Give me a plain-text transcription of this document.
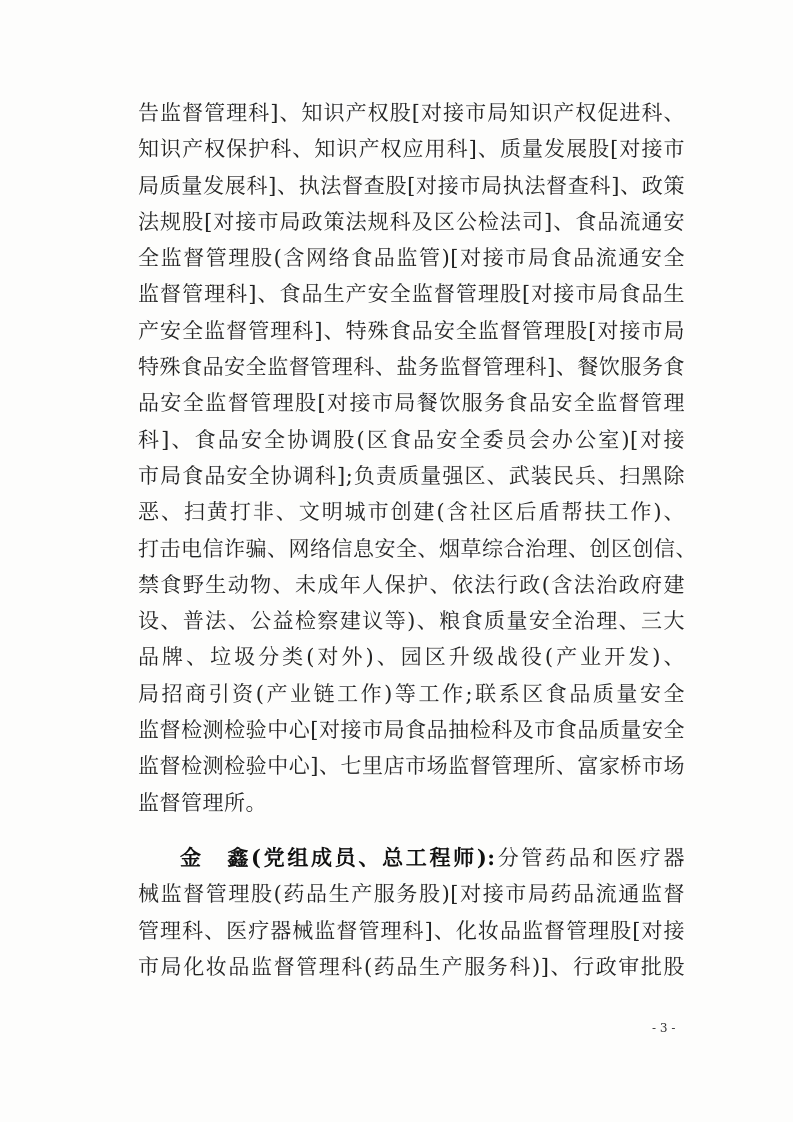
告监督管理科]、知识产权股[对接市局知识产权促进科、
知识产权保护科、知识产权应用科]、质量发展股[对接市
局质量发展科]、执法督查股[对接市局执法督查科]、政策
法规股[对接市局政策法规科及区公检法司]、食品流通安
全监督管理股(含网络食品监管)[对接市局食品流通安全
监督管理科]、食品生产安全监督管理股[对接市局食品生
产安全监督管理科]、特殊食品安全监督管理股[对接市局
特殊食品安全监督管理科、盐务监督管理科]、餐饮服务食
品安全监督管理股[对接市局餐饮服务食品安全监督管理
科]、食品安全协调股(区食品安全委员会办公室)[对接
市局食品安全协调科];负责质量强区、武装民兵、扫黑除
恶、扫黄打非、文明城市创建(含社区后盾帮扶工作)、
打击电信诈骗、网络信息安全、烟草综合治理、创区创信、
禁食野生动物、未成年人保护、依法行政(含法治政府建
设、普法、公益检察建议等)、粮食质量安全治理、三大
品牌、垃圾分类(对外)、园区升级战役(产业开发)、
局招商引资(产业链工作)等工作;联系区食品质量安全
监督检测检验中心[对接市局食品抽检科及市食品质量安全
监督检测检验中心]、七里店市场监督管理所、富家桥市场
监督管理所。
金　鑫(党组成员、总工程师):分管药品和医疗器
械监督管理股(药品生产服务股)[对接市局药品流通监督
管理科、医疗器械监督管理科]、化妆品监督管理股[对接
市局化妆品监督管理科(药品生产服务科)]、行政审批股
- 3 -
